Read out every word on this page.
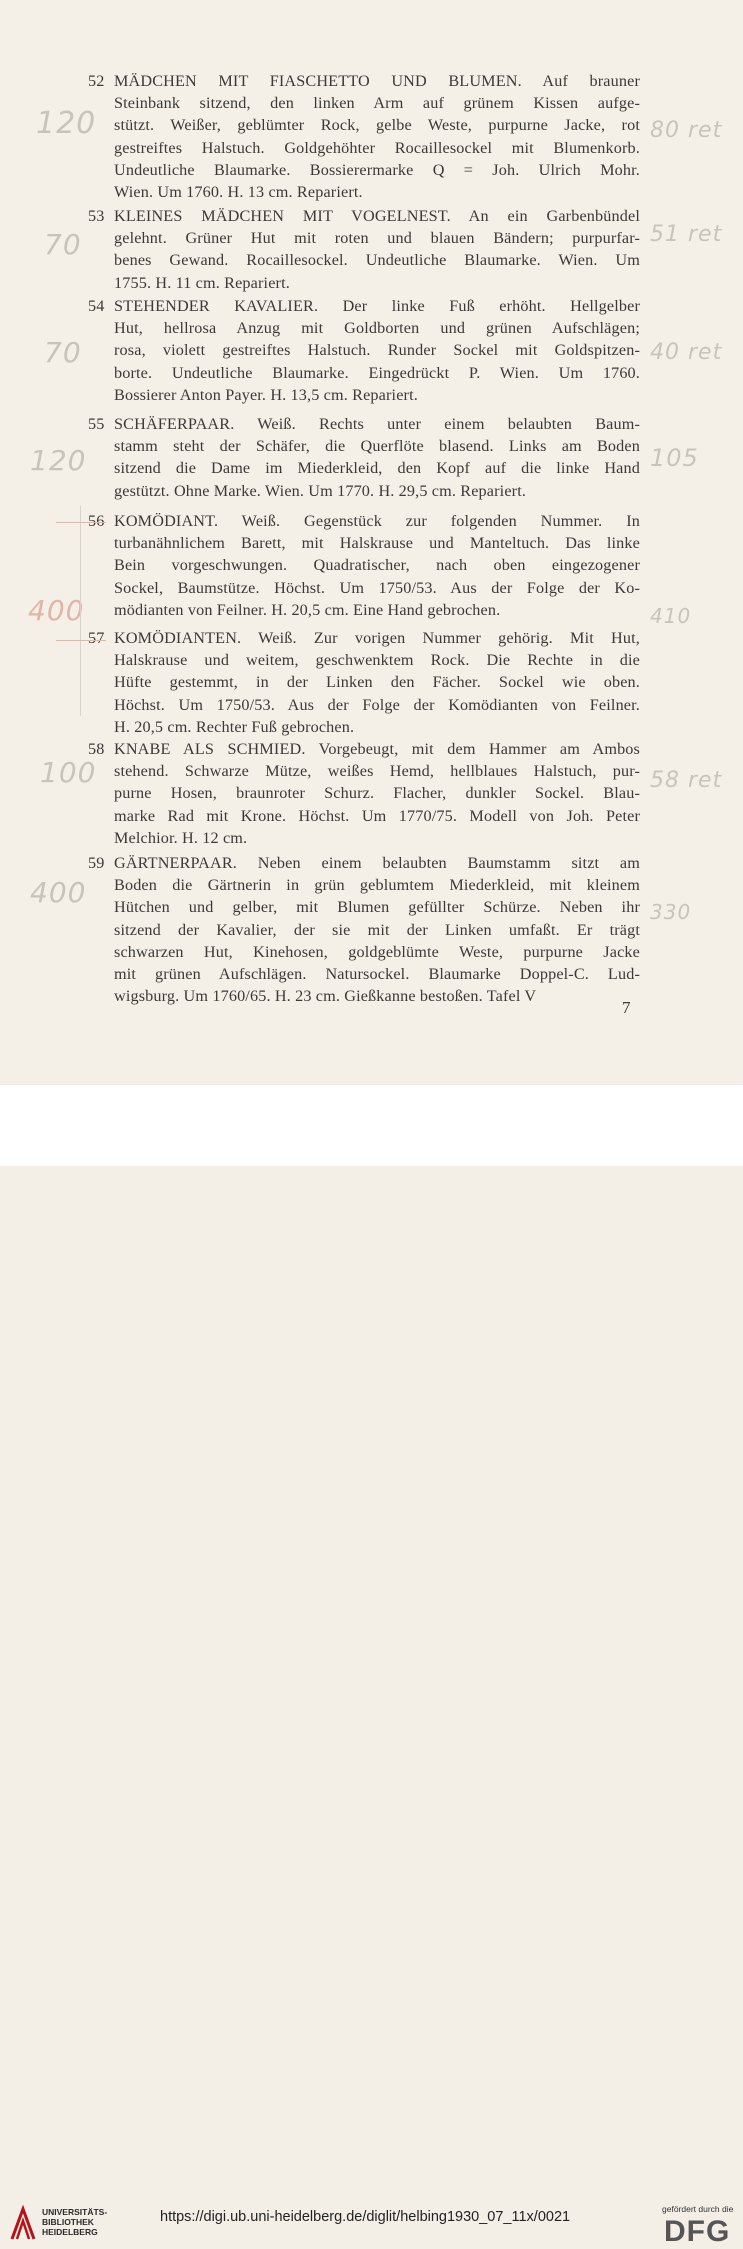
52 MÄDCHEN MIT FIASCHETTO UND BLUMEN. Auf brauner
Steinbank sitzend, den linken Arm auf grünem Kissen aufge-
stützt. Weißer, geblümter Rock, gelbe Weste, purpurne Jacke, rot
gestreiftes Halstuch. Goldgehöhter Rocaillesockel mit Blumenkorb.
Undeutliche Blaumarke. Bossierermarke Q = Joh. Ulrich Mohr.
Wien. Um 1760. H. 13 cm. Repariert.
53 KLEINES MÄDCHEN MIT VOGELNEST. An ein Garbenbündel
gelehnt. Grüner Hut mit roten und blauen Bändern; purpurfar-
benes Gewand. Rocaillesockel. Undeutliche Blaumarke. Wien. Um
1755. H. 11 cm. Repariert.
54 STEHENDER KAVALIER. Der linke Fuß erhöht. Hellgelber
Hut, hellrosa Anzug mit Goldborten und grünen Aufschlägen;
rosa, violett gestreiftes Halstuch. Runder Sockel mit Goldspitzen-
borte. Undeutliche Blaumarke. Eingedrückt P. Wien. Um 1760.
Bossierer Anton Payer. H. 13,5 cm. Repariert.
55 SCHÄFERPAAR. Weiß. Rechts unter einem belaubten Baum-
stamm steht der Schäfer, die Querflöte blasend. Links am Boden
sitzend die Dame im Miederkleid, den Kopf auf die linke Hand
gestützt. Ohne Marke. Wien. Um 1770. H. 29,5 cm. Repariert.
56 KOMÖDIANT. Weiß. Gegenstück zur folgenden Nummer. In
turbanähnlichem Barett, mit Halskrause und Manteltuch. Das linke
Bein vorgeschwungen. Quadratischer, nach oben eingezogener
Sockel, Baumstütze. Höchst. Um 1750/53. Aus der Folge der Ko-
mödianten von Feilner. H. 20,5 cm. Eine Hand gebrochen.
57 KOMÖDIANTEN. Weiß. Zur vorigen Nummer gehörig. Mit Hut,
Halskrause und weitem, geschwenktem Rock. Die Rechte in die
Hüfte gestemmt, in der Linken den Fächer. Sockel wie oben.
Höchst. Um 1750/53. Aus der Folge der Komödianten von Feilner.
H. 20,5 cm. Rechter Fuß gebrochen.
58 KNABE ALS SCHMIED. Vorgebeugt, mit dem Hammer am Ambos
stehend. Schwarze Mütze, weißes Hemd, hellblaues Halstuch, pur-
purne Hosen, braunroter Schurz. Flacher, dunkler Sockel. Blau-
marke Rad mit Krone. Höchst. Um 1770/75. Modell von Joh. Peter
Melchior. H. 12 cm.
59 GÄRTNERPAAR. Neben einem belaubten Baumstamm sitzt am
Boden die Gärtnerin in grün geblumtem Miederkleid, mit kleinem
Hütchen und gelber, mit Blumen gefüllter Schürze. Neben ihr
sitzend der Kavalier, der sie mit der Linken umfaßt. Er trägt
schwarzen Hut, Kinehosen, goldgeblümte Weste, purpurne Jacke
mit grünen Aufschlägen. Natursockel. Blaumarke Doppel-C. Lud-
wigsburg. Um 1760/65. H. 23 cm. Gießkanne bestoßen. Tafel V
7
120	80 ret
70	51 ret
70	40 ret
120	105
400	410
100	58 ret
400
330
UNIVERSITÄTS-
BIBLIOTHEK
HEIDELBERG
https://digi.ub.uni-heidelberg.de/diglit/helbing1930_07_11x/0021	gefördert durch die
DFG
